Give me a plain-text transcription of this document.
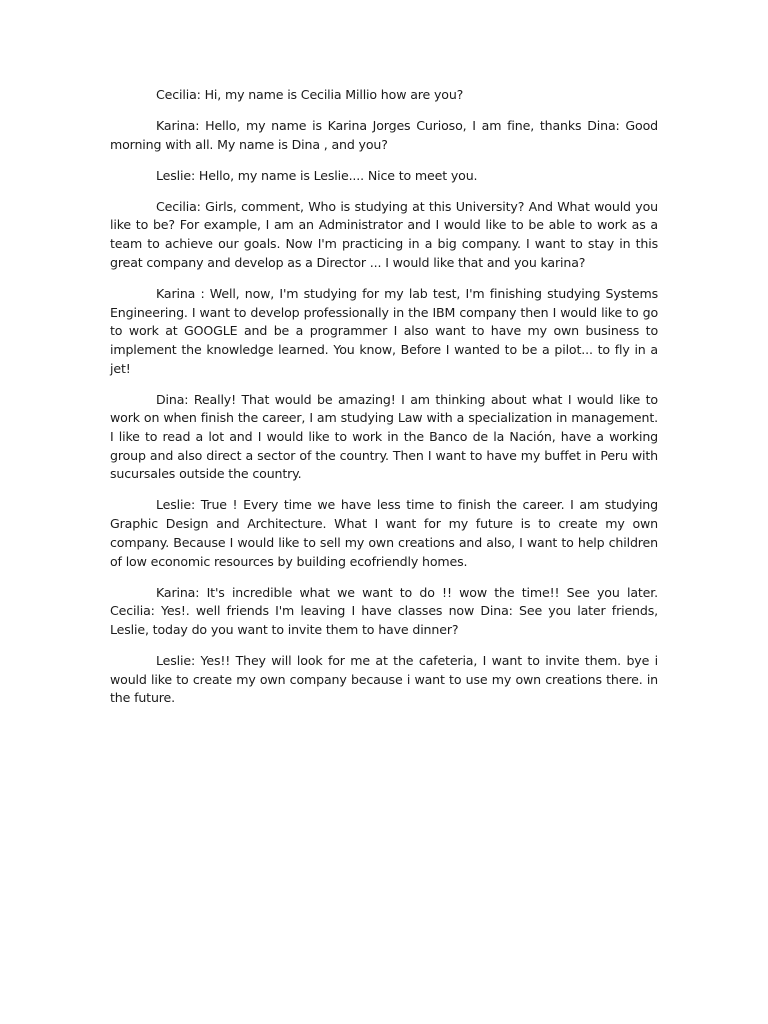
Cecilia: Hi, my name is Cecilia Millio how are you?

Karina: Hello, my name is Karina Jorges Curioso, I am fine, thanks Dina: Good morning with all. My name is Dina , and you?

Leslie: Hello, my name is Leslie.... Nice to meet you.

Cecilia: Girls, comment, Who is studying at this University? And What would you like to be? For example, I am an Administrator and I would like to be able to work as a team to achieve our goals. Now I'm practicing in a big company. I want to stay in this great company and develop as a Director ... I would like that and you karina?

Karina : Well, now, I'm studying for my lab test, I'm finishing studying Systems Engineering. I want to develop professionally in the IBM company then I would like to go to work at GOOGLE and be a programmer I also want to have my own business to implement the knowledge learned. You know, Before I wanted to be a pilot... to fly in a jet!

Dina: Really! That would be amazing! I am thinking about what I would like to work on when finish the career, I am studying Law with a specialization in management. I like to read a lot and I would like to work in the Banco de la Nación, have a working group and also direct a sector of the country. Then I want to have my buffet in Peru with sucursales outside the country.

Leslie: True ! Every time we have less time to finish the career. I am studying Graphic Design and Architecture. What I want for my future is to create my own company. Because I would like to sell my own creations and also, I want to help children of low economic resources by building ecofriendly homes.

Karina: It's incredible what we want to do !! wow the time!! See you later. Cecilia: Yes!. well friends I'm leaving I have classes now Dina: See you later friends, Leslie, today do you want to invite them to have dinner?

Leslie: Yes!! They will look for me at the cafeteria, I want to invite them. bye i would like to create my own company because i want to use my own creations there. in the future.
